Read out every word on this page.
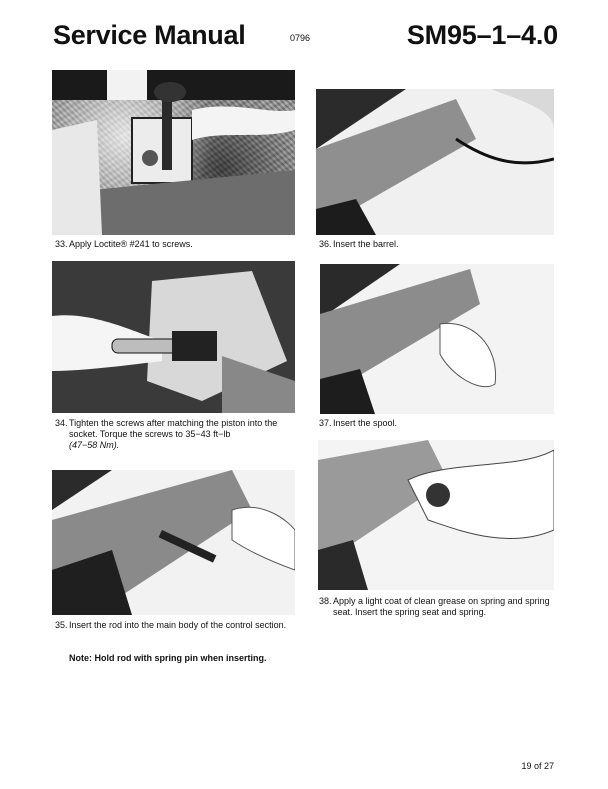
Service Manual	0796	SM95–1–4.0
33. Apply Loctite® #241 to screws.
34. Tighten the screws after matching the piston into the socket. Torque the screws to 35−43 ft−lb
(47−58 Nm).
35. Insert the rod into the main body of the control section.
Note: Hold rod with spring pin when inserting.
36. Insert the barrel.
37. Insert the spool.
38. Apply a light coat of clean grease on spring and spring seat. Insert the spring seat and spring.
19 of 27
